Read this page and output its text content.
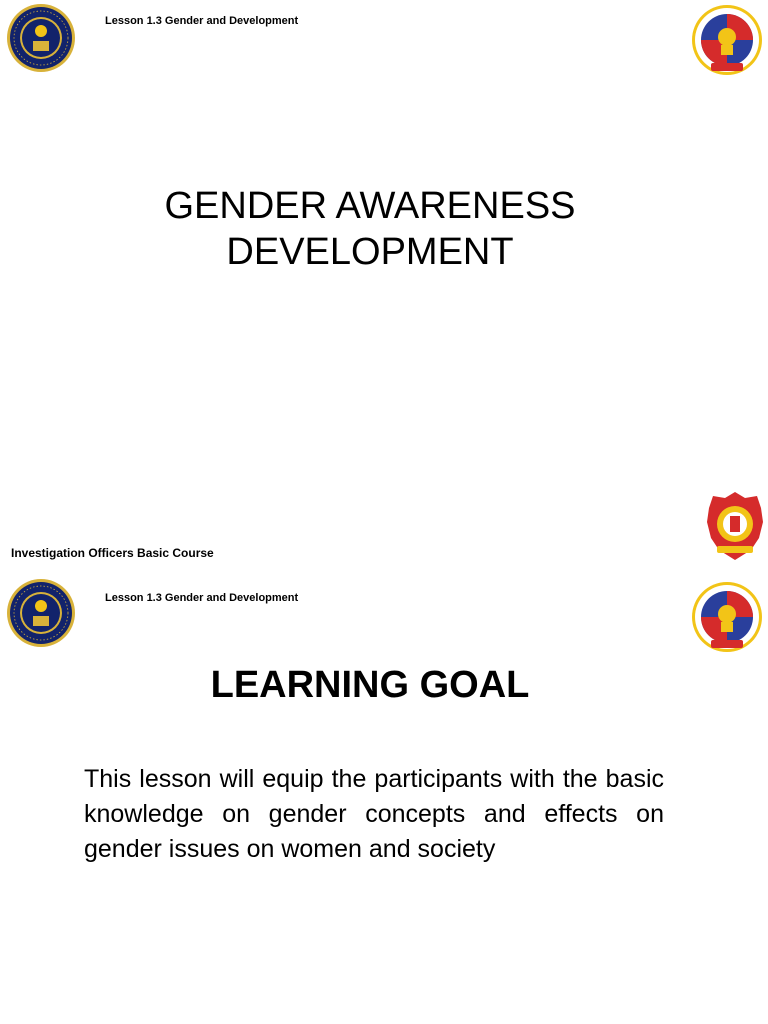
Lesson 1.3 Gender and Development
GENDER AWARENESS
DEVELOPMENT
Investigation Officers Basic Course
Lesson 1.3 Gender and Development
LEARNING GOAL
This lesson will equip the participants with the basic knowledge on gender concepts and effects on gender issues on women and society
